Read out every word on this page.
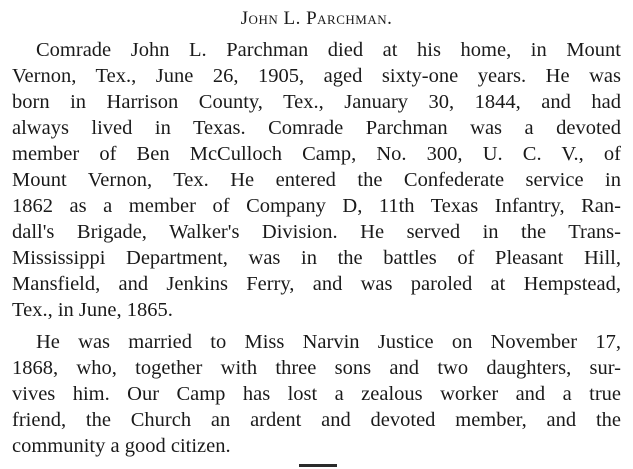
John L. Parchman.
Comrade John L. Parchman died at his home, in Mount
Vernon, Tex., June 26, 1905, aged sixty-one years. He was
born in Harrison County, Tex., January 30, 1844, and had
always lived in Texas. Comrade Parchman was a devoted
member of Ben McCulloch Camp, No. 300, U. C. V., of
Mount Vernon, Tex. He entered the Confederate service in
1862 as a member of Company D, 11th Texas Infantry, Ran-
dall's Brigade, Walker's Division. He served in the Trans-
Mississippi Department, was in the battles of Pleasant Hill,
Mansfield, and Jenkins Ferry, and was paroled at Hempstead,
Tex., in June, 1865.
He was married to Miss Narvin Justice on November 17,
1868, who, together with three sons and two daughters, sur-
vives him. Our Camp has lost a zealous worker and a true
friend, the Church an ardent and devoted member, and the
community a good citizen.
